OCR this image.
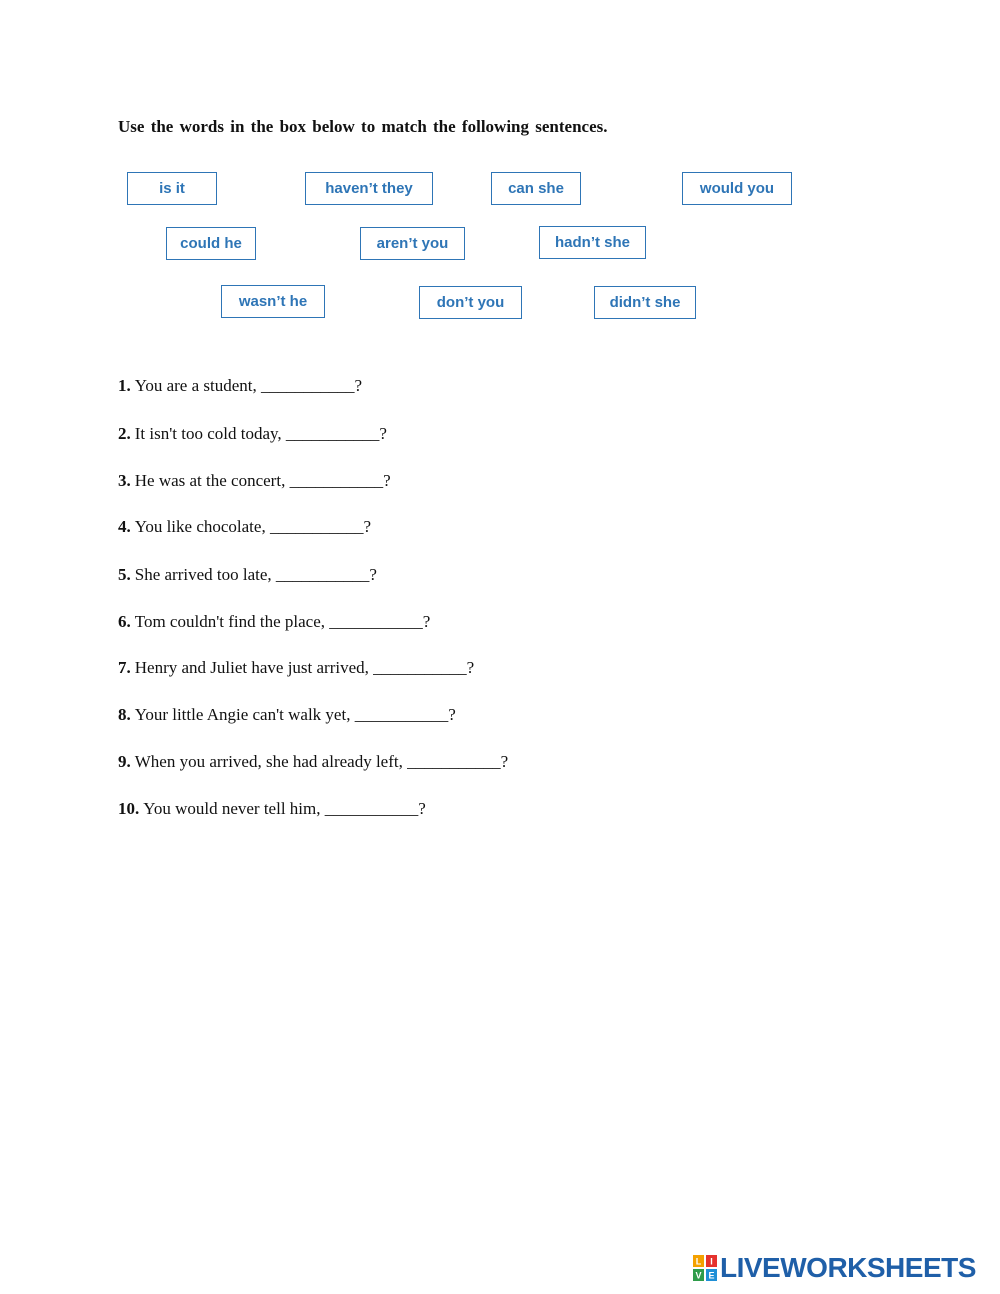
Use the words in the box below to match the following sentences.

is it	haven’t they	can she	would you
could he	aren’t you	hadn’t she
wasn’t he	don’t you	didn’t she

1. You are a student, ___________?

2. It isn't too cold today, ___________?

3. He was at the concert, ___________?

4. You like chocolate, ___________?

5. She arrived too late, ___________?

6. Tom couldn't find the place, ___________?

7. Henry and Juliet have just arrived, ___________?

8. Your little Angie can't walk yet, ___________?

9. When you arrived, she had already left, ___________?

10. You would never tell him, ___________?

L I
V E LIVEWORKSHEETS
